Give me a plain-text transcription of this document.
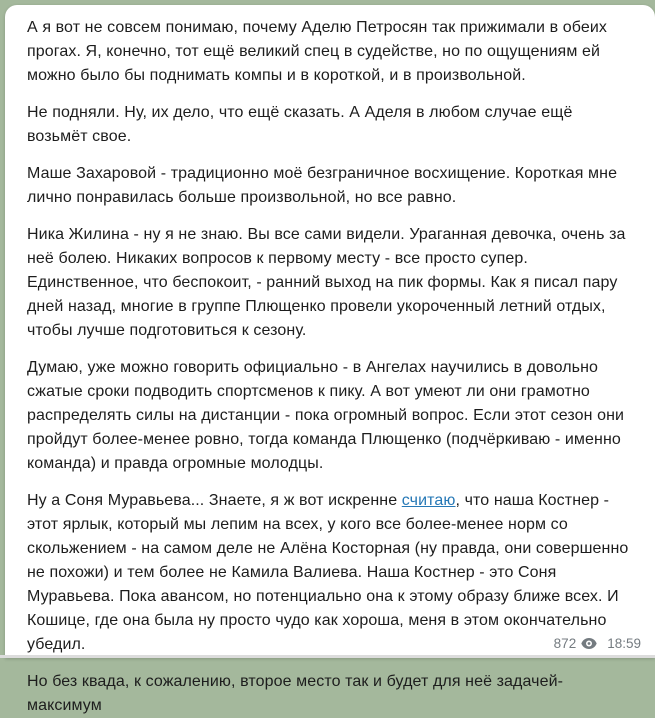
А я вот не совсем понимаю, почему Аделю Петросян так прижимали в обеих прогах. Я, конечно, тот ещё великий спец в судействе, но по ощущениям ей можно было бы поднимать компы и в короткой, и в произвольной.

Не подняли. Ну, их дело, что ещё сказать. А Аделя в любом случае ещё возьмёт свое.

Маше Захаровой - традиционно моё безграничное восхищение. Короткая мне лично понравилась больше произвольной, но все равно.

Ника Жилина - ну я не знаю. Вы все сами видели. Ураганная девочка, очень за неё болею. Никаких вопросов к первому месту - все просто супер. Единственное, что беспокоит, - ранний выход на пик формы. Как я писал пару дней назад, многие в группе Плющенко провели укороченный летний отдых, чтобы лучше подготовиться к сезону.

Думаю, уже можно говорить официально - в Ангелах научились в довольно сжатые сроки подводить спортсменов к пику. А вот умеют ли они грамотно распределять силы на дистанции - пока огромный вопрос. Если этот сезон они пройдут более-менее ровно, тогда команда Плющенко (подчёркиваю - именно команда) и правда огромные молодцы.

Ну а Соня Муравьева... Знаете, я ж вот искренне считаю, что наша Костнер - этот ярлык, который мы лепим на всех, у кого все более-менее норм со скольжением - на самом деле не Алёна Косторная (ну правда, они совершенно не похожи) и тем более не Камила Валиева. Наша Костнер - это Соня Муравьева. Пока авансом, но потенциально она к этому образу ближе всех. И Кошице, где она была ну просто чудо как хороша, меня в этом окончательно убедил.

Но без квада, к сожалению, второе место так и будет для неё задачей-максимум

872 18:59
